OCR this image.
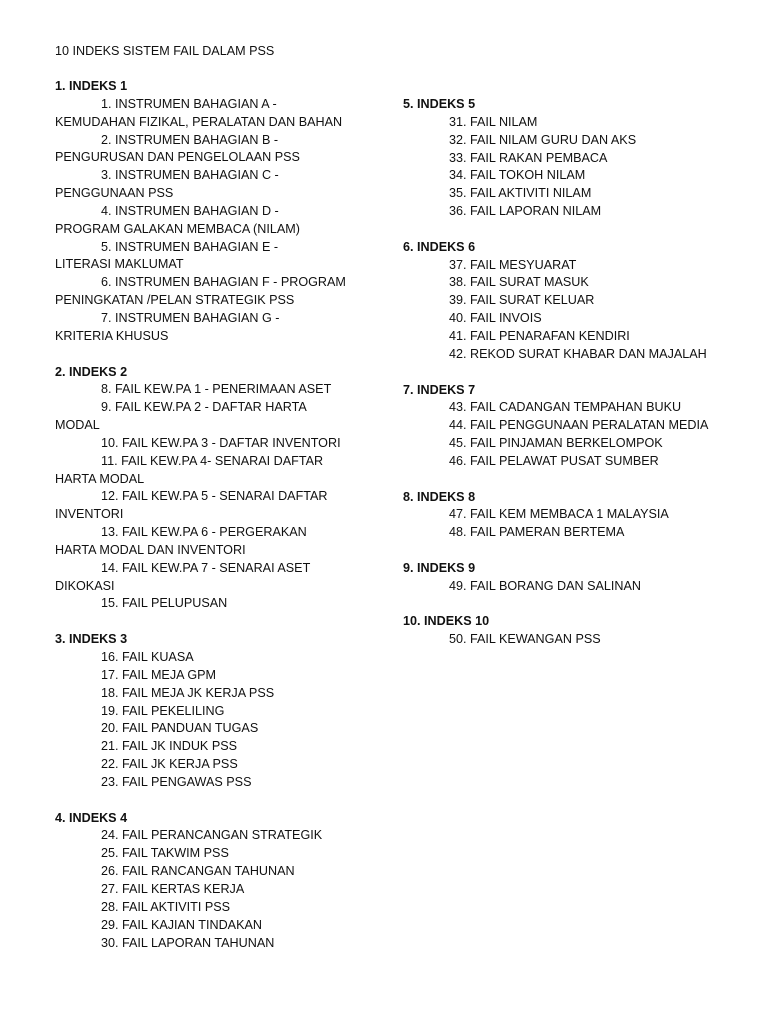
10 INDEKS SISTEM FAIL DALAM PSS
1. INDEKS 1
1. INSTRUMEN BAHAGIAN A -
KEMUDAHAN FIZIKAL, PERALATAN DAN BAHAN
2. INSTRUMEN BAHAGIAN B -
PENGURUSAN DAN PENGELOLAAN PSS
3. INSTRUMEN BAHAGIAN C -
PENGGUNAAN PSS
4. INSTRUMEN BAHAGIAN D -
PROGRAM GALAKAN MEMBACA (NILAM)
5. INSTRUMEN BAHAGIAN E -
LITERASI MAKLUMAT
6. INSTRUMEN BAHAGIAN F - PROGRAM
PENINGKATAN /PELAN STRATEGIK PSS
7. INSTRUMEN BAHAGIAN G -
KRITERIA KHUSUS
2. INDEKS 2
8. FAIL KEW.PA 1 - PENERIMAAN ASET
9. FAIL KEW.PA 2 - DAFTAR HARTA
MODAL
10. FAIL KEW.PA 3 - DAFTAR INVENTORI
11. FAIL KEW.PA 4- SENARAI DAFTAR
HARTA MODAL
12. FAIL KEW.PA 5 - SENARAI DAFTAR
INVENTORI
13. FAIL KEW.PA 6 - PERGERAKAN
HARTA MODAL DAN INVENTORI
14. FAIL KEW.PA 7 - SENARAI ASET
DIKOKASI
15. FAIL PELUPUSAN
3. INDEKS 3
16. FAIL KUASA
17. FAIL MEJA GPM
18. FAIL MEJA JK KERJA PSS
19. FAIL PEKELILING
20. FAIL PANDUAN TUGAS
21. FAIL JK INDUK PSS
22. FAIL JK KERJA PSS
23. FAIL PENGAWAS PSS
4. INDEKS 4
24. FAIL PERANCANGAN STRATEGIK
25. FAIL TAKWIM PSS
26. FAIL RANCANGAN TAHUNAN
27. FAIL KERTAS KERJA
28. FAIL AKTIVITI PSS
29. FAIL KAJIAN TINDAKAN
30. FAIL LAPORAN TAHUNAN
5. INDEKS 5
31. FAIL NILAM
32. FAIL NILAM GURU DAN AKS
33. FAIL RAKAN PEMBACA
34. FAIL TOKOH NILAM
35. FAIL AKTIVITI NILAM
36. FAIL LAPORAN NILAM
6. INDEKS 6
37. FAIL MESYUARAT
38. FAIL SURAT MASUK
39. FAIL SURAT KELUAR
40. FAIL INVOIS
41. FAIL PENARAFAN KENDIRI
42. REKOD SURAT KHABAR DAN MAJALAH
7. INDEKS 7
43. FAIL CADANGAN TEMPAHAN BUKU
44. FAIL PENGGUNAAN PERALATAN MEDIA
45. FAIL PINJAMAN BERKELOMPOK
46. FAIL PELAWAT PUSAT SUMBER
8. INDEKS 8
47. FAIL KEM MEMBACA 1 MALAYSIA
48. FAIL PAMERAN BERTEMA
9. INDEKS 9
49. FAIL BORANG DAN SALINAN
10. INDEKS 10
50. FAIL KEWANGAN PSS
